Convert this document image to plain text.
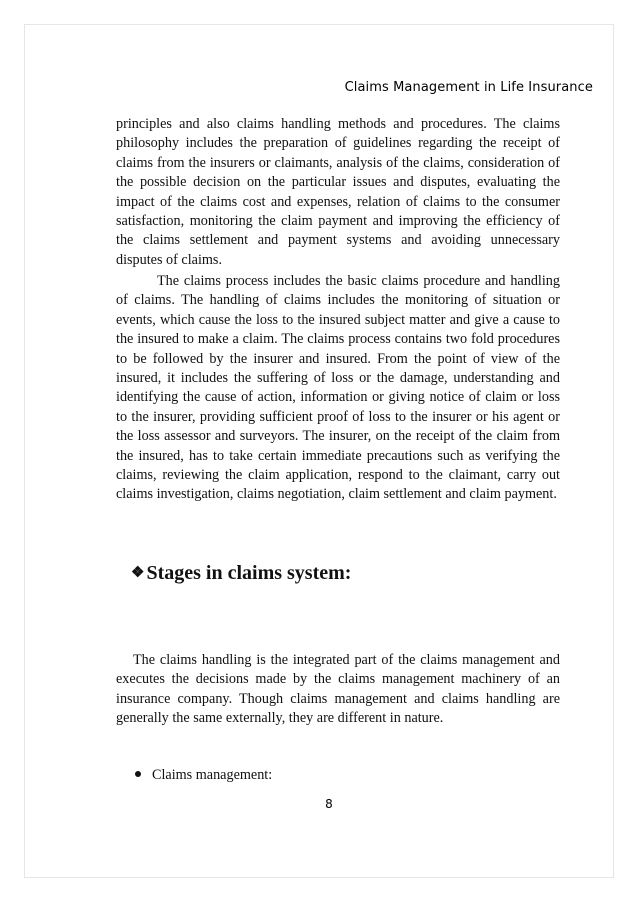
Claims Management in Life Insurance

principles and also claims handling methods and procedures. The claims philosophy includes the preparation of guidelines regarding the receipt of claims from the insurers or claimants, analysis of the claims, consideration of the possible decision on the particular issues and disputes, evaluating the impact of the claims cost and expenses, relation of claims to the consumer satisfaction, monitoring the claim payment and improving the efficiency of the claims settlement and payment systems and avoiding unnecessary disputes of claims.

The claims process includes the basic claims procedure and handling of claims. The handling of claims includes the monitoring of situation or events, which cause the loss to the insured subject matter and give a cause to the insured to make a claim. The claims process contains two fold procedures to be followed by the insurer and insured. From the point of view of the insured, it includes the suffering of loss or the damage, understanding and identifying the cause of action, information or giving notice of claim or loss to the insurer, providing sufficient proof of loss to the insurer or his agent or the loss assessor and surveyors. The insurer, on the receipt of the claim from the insured, has to take certain immediate precautions such as verifying the claims, reviewing the claim application, respond to the claimant, carry out claims investigation, claims negotiation, claim settlement and claim payment.

❖ Stages in claims system:

The claims handling is the integrated part of the claims management and executes the decisions made by the claims management machinery of an insurance company. Though claims management and claims handling are generally the same externally, they are different in nature.

Claims management:
8
